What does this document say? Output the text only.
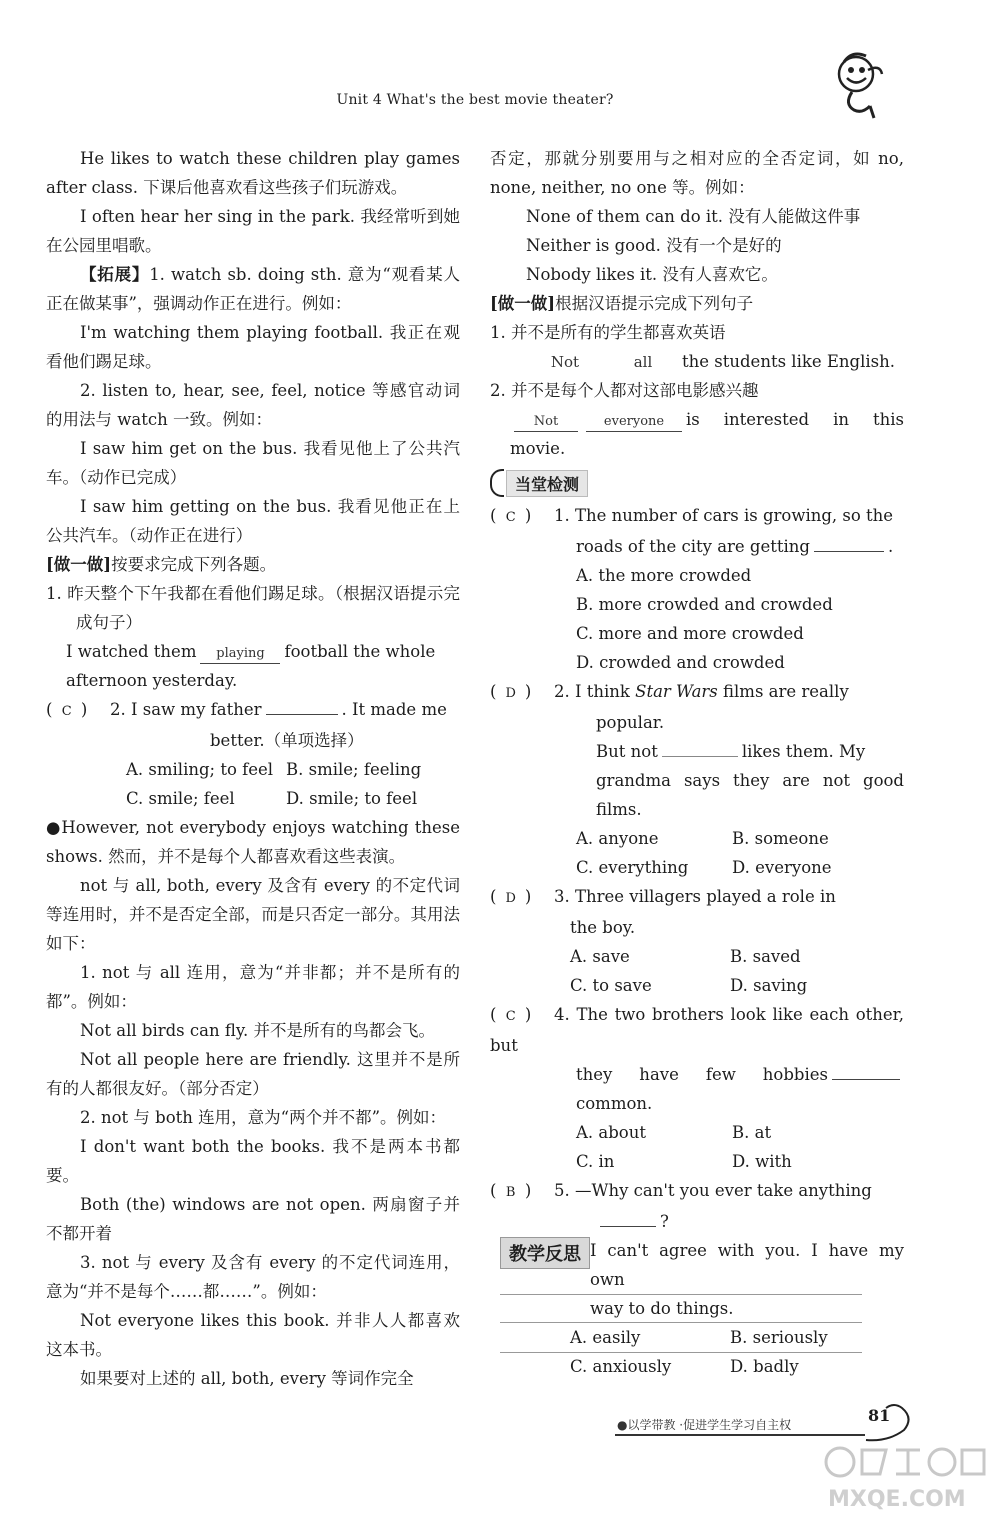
Unit 4 What's the best movie theater?

He likes to watch these children play games after class. 下课后他喜欢看这些孩子们玩游戏。

I often hear her sing in the park. 我经常听到她在公园里唱歌。

【拓展】1. watch sb. doing sth. 意为“观看某人正在做某事”，强调动作正在进行。例如：

I'm watching them playing football. 我正在观看他们踢足球。

2. listen to, hear, see, feel, notice 等感官动词的用法与 watch 一致。例如：

I saw him get on the bus. 我看见他上了公共汽车。（动作已完成）

I saw him getting on the bus. 我看见他正在上公共汽车。（动作正在进行）

[做一做]按要求完成下列各题。

1. 昨天整个下午我都在看他们踢足球。（根据汉语提示完成句子）

I watched them playing football the whole

afternoon yesterday.

( C ) 2. I saw my father	. It made me

better.（单项选择）

A. smiling; to feel B. smile; feeling
C. smile; feel	D. smile; to feel

●However, not everybody enjoys watching these shows. 然而，并不是每个人都喜欢看这些表演。

not 与 all, both, every 及含有 every 的不定代词等连用时，并不是否定全部，而是只否定一部分。其用法如下：

1. not 与 all 连用，意为“并非都；并不是所有的都”。例如：

Not all birds can fly. 并不是所有的鸟都会飞。

Not all people here are friendly. 这里并不是所有的人都很友好。（部分否定）

2. not 与 both 连用，意为“两个并不都”。例如：

I don't want both the books. 我不是两本书都要。

Both (the) windows are not open. 两扇窗子并不都开着

3. not 与 every 及含有 every 的不定代词连用，意为“并不是每个……都……”。例如：

Not everyone likes this book. 并非人人都喜欢这本书。

如果要对上述的 all, both, every 等词作完全

否定，那就分别要用与之相对应的全否定词，如 no, none, neither, no one 等。例如：

None of them can do it. 没有人能做这件事

Neither is good. 没有一个是好的

Nobody likes it. 没有人喜欢它。

[做一做]根据汉语提示完成下列句子

1. 并不是所有的学生都喜欢英语

Not	all the students like English.

2. 并不是每个人都对这部电影感兴趣

Not	everyone is interested in this movie.

当堂检测

( C ) 1. The number of cars is growing, so the

roads of the city are getting	.

A. the more crowded

B. more crowded and crowded

C. more and more crowded

D. crowded and crowded

( D ) 2. I think Star Wars films are really

popular.

But not	likes them. My

grandma says they are not good films.

A. anyone	B. someone
C. everything	D. everyone

( D ) 3. Three villagers played a role in

the boy.

A. save	B. saved
C. to save	D. saving

( C ) 4. The two brothers look like each other, but

they have few hobbiescommon.

A. about	B. at
C. in	D. with

( B ) 5. —Why can't you ever take anything

?

I can't agree with you. I have my own

way to do things.

A. easily	B. seriously
C. anxiously	D. badly
教学反思
●以学带教 ·促进学生学习自主权	81
MXQE.COM
